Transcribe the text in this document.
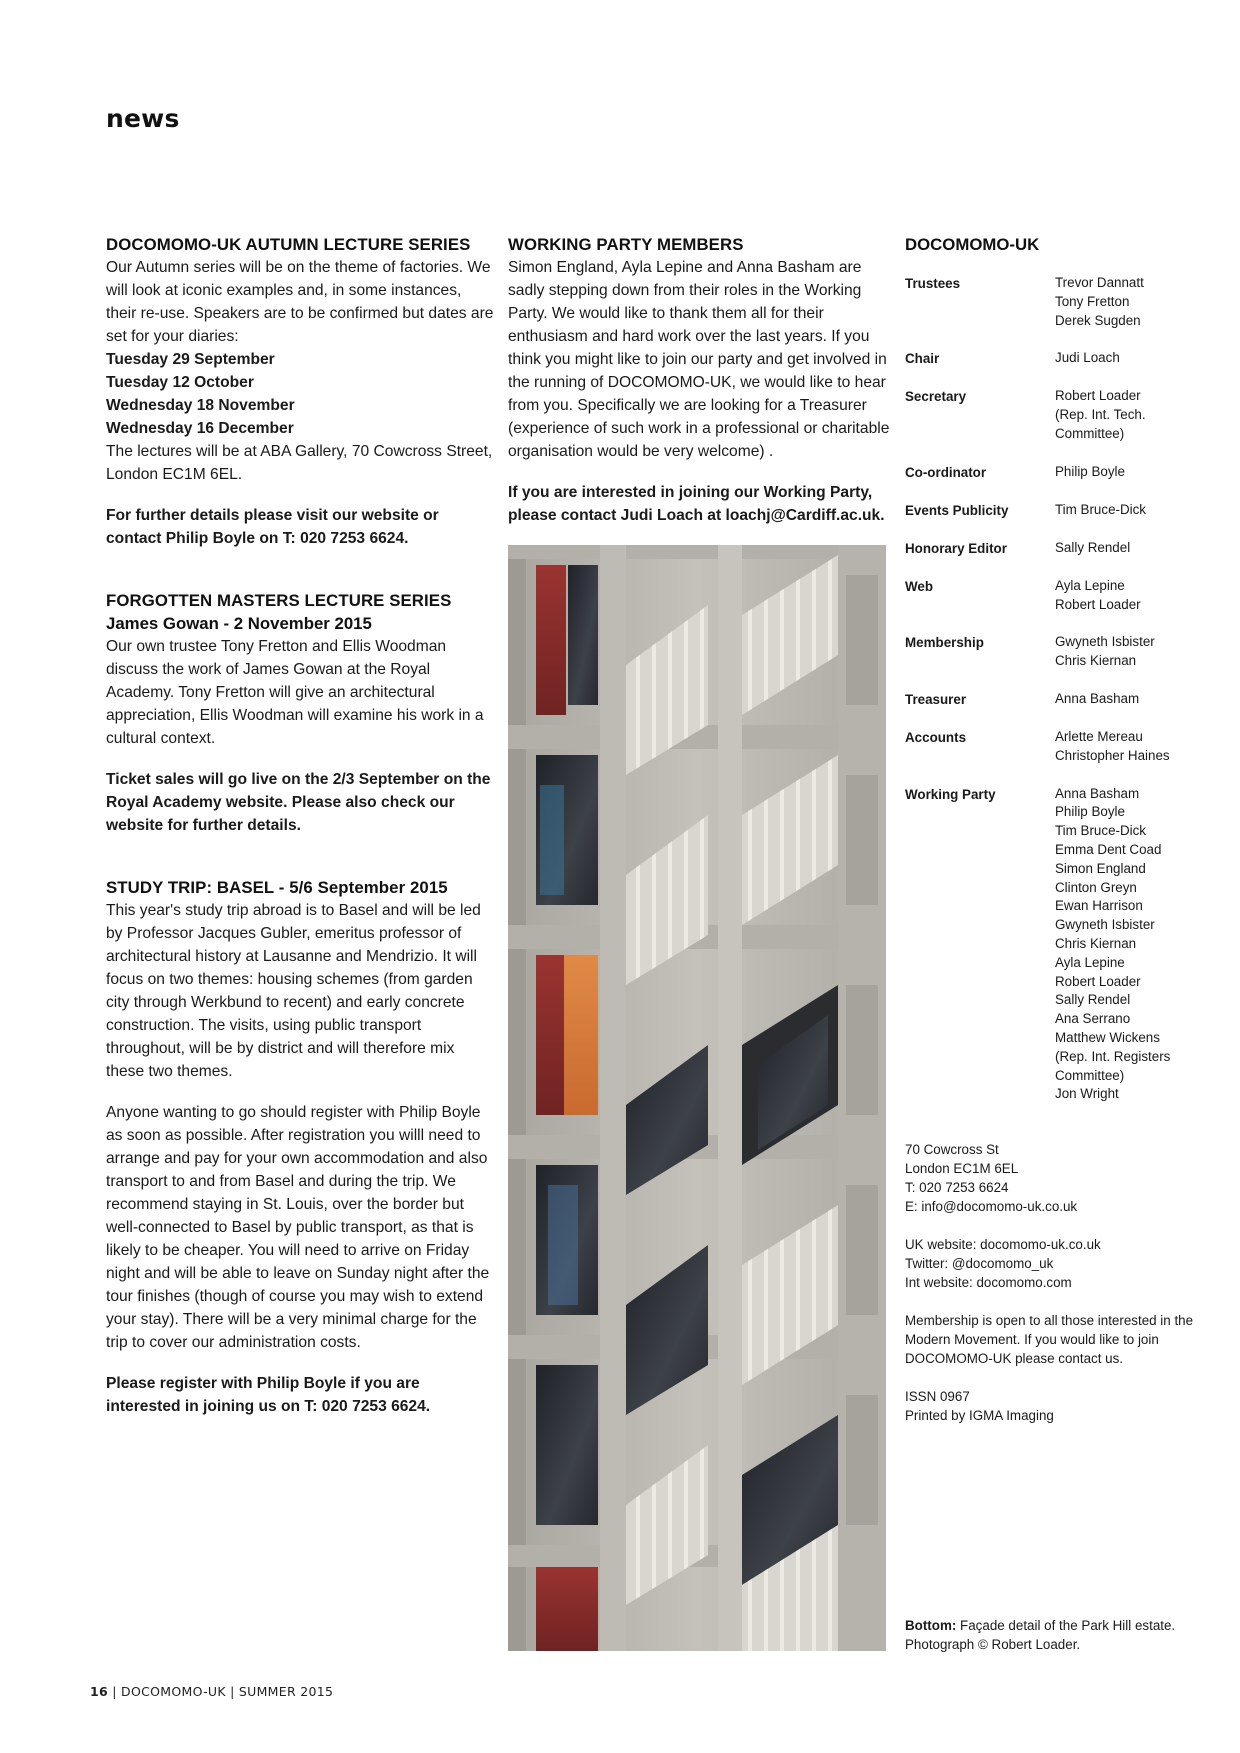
news
DOCOMOMO-UK AUTUMN LECTURE SERIES

Our Autumn series will be on the theme of factories. We will look at iconic examples and, in some instances, their re-use. Speakers are to be confirmed but dates are set for your diaries:

Tuesday 29 September
Tuesday 12 October
Wednesday 18 November
Wednesday 16 December

The lectures will be at ABA Gallery, 70 Cowcross Street, London EC1M 6EL.

For further details please visit our website or contact Philip Boyle on T: 020 7253 6624.

FORGOTTEN MASTERS LECTURE SERIES
James Gowan - 2 November 2015

Our own trustee Tony Fretton and Ellis Woodman discuss the work of James Gowan at the Royal Academy. Tony Fretton will give an architectural appreciation, Ellis Woodman will examine his work in a cultural context.

Ticket sales will go live on the 2/3 September on the Royal Academy website. Please also check our website for further details.

STUDY TRIP: BASEL - 5/6 September 2015

This year's study trip abroad is to Basel and will be led by Professor Jacques Gubler, emeritus professor of architectural history at Lausanne and Mendrizio. It will focus on two themes: housing schemes (from garden city through Werkbund to recent) and early concrete construction. The visits, using public transport throughout, will be by district and will therefore mix these two themes.

Anyone wanting to go should register with Philip Boyle as soon as possible. After registration you willl need to arrange and pay for your own accommodation and also transport to and from Basel and during the trip. We recommend staying in St. Louis, over the border but well-connected to Basel by public transport, as that is likely to be cheaper. You will need to arrive on Friday night and will be able to leave on Sunday night after the tour finishes (though of course you may wish to extend your stay). There will be a very minimal charge for the trip to cover our administration costs.

Please register with Philip Boyle if you are interested in joining us on T: 020 7253 6624.

WORKING PARTY MEMBERS

Simon England, Ayla Lepine and Anna Basham are sadly stepping down from their roles in the Working Party. We would like to thank them all for their enthusiasm and hard work over the last years. If you think you might like to join our party and get involved in the running of DOCOMOMO-UK, we would like to hear from you. Specifically we are looking for a Treasurer (experience of such work in a professional or charitable organisation would be very welcome) .

If you are interested in joining our Working Party, please contact Judi Loach at loachj@Cardiff.ac.uk.

DOCOMOMO-UK
Trustees	Trevor Dannatt
Tony Fretton
Derek Sugden
Chair	Judi Loach
Secretary	Robert Loader
(Rep. Int. Tech.
Committee)
Co-ordinator	Philip Boyle
Events Publicity	Tim Bruce-Dick
Honorary Editor	Sally Rendel
Web	Ayla Lepine
Robert Loader
Membership	Gwyneth Isbister
Chris Kiernan
Treasurer	Anna Basham
Accounts	Arlette Mereau
Christopher Haines
Working Party	Anna Basham
Philip Boyle
Tim Bruce-Dick
Emma Dent Coad
Simon England
Clinton Greyn
Ewan Harrison
Gwyneth Isbister
Chris Kiernan
Ayla Lepine
Robert Loader
Sally Rendel
Ana Serrano
Matthew Wickens
(Rep. Int. Registers
Committee)
Jon Wright

70 Cowcross St
London EC1M 6EL
T: 020 7253 6624
E: info@docomomo-uk.co.uk

UK website: docomomo-uk.co.uk
Twitter: @docomomo_uk
Int website: docomomo.com

Membership is open to all those interested in the Modern Movement. If you would like to join DOCOMOMO-UK please contact us.

ISSN 0967
Printed by IGMA Imaging

Bottom: Façade detail of the Park Hill estate. Photograph © Robert Loader.
16 | DOCOMOMO-UK | SUMMER 2015
